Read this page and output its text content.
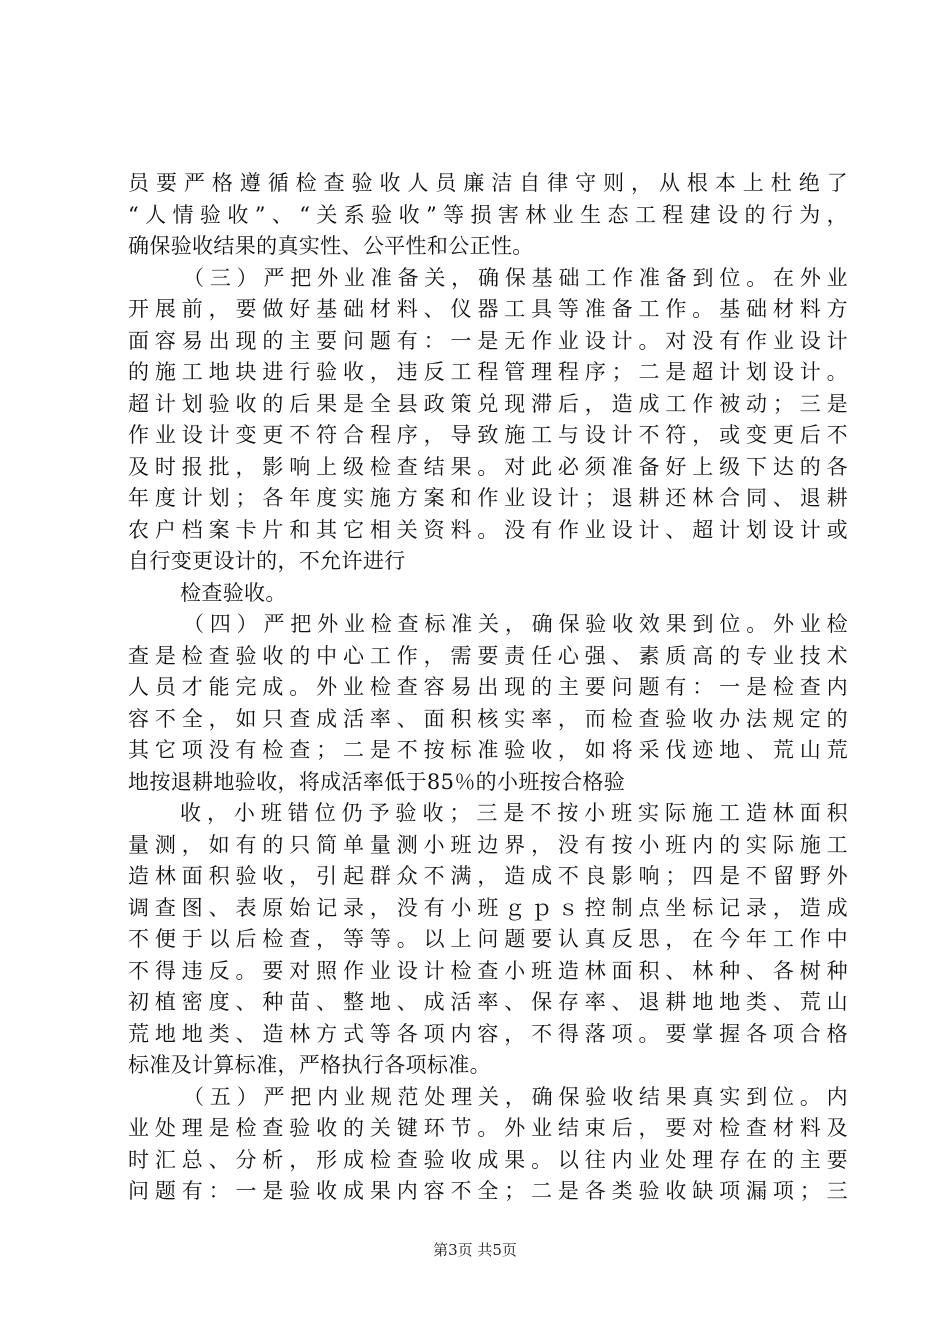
员要严格遵循检查验收人员廉洁自律守则，从根本上杜绝了
“人情验收”、“关系验收”等损害林业生态工程建设的行为，
确保验收结果的真实性、公平性和公正性。
（三）严把外业准备关，确保基础工作准备到位。在外业
开展前，要做好基础材料、仪器工具等准备工作。基础材料方
面容易出现的主要问题有：一是无作业设计。对没有作业设计
的施工地块进行验收，违反工程管理程序；二是超计划设计。
超计划验收的后果是全县政策兑现滞后，造成工作被动；三是
作业设计变更不符合程序，导致施工与设计不符，或变更后不
及时报批，影响上级检查结果。对此必须准备好上级下达的各
年度计划；各年度实施方案和作业设计；退耕还林合同、退耕
农户档案卡片和其它相关资料。没有作业设计、超计划设计或
自行变更设计的，不允许进行
检查验收。
（四）严把外业检查标准关，确保验收效果到位。外业检
查是检查验收的中心工作，需要责任心强、素质高的专业技术
人员才能完成。外业检查容易出现的主要问题有：一是检查内
容不全，如只查成活率、面积核实率，而检查验收办法规定的
其它项没有检查；二是不按标准验收，如将采伐迹地、荒山荒
地按退耕地验收，将成活率低于85％的小班按合格验
收，小班错位仍予验收；三是不按小班实际施工造林面积
量测，如有的只简单量测小班边界，没有按小班内的实际施工
造林面积验收，引起群众不满，造成不良影响；四是不留野外
调查图、表原始记录，没有小班ｇｐｓ控制点坐标记录，造成
不便于以后检查，等等。以上问题要认真反思，在今年工作中
不得违反。要对照作业设计检查小班造林面积、林种、各树种
初植密度、种苗、整地、成活率、保存率、退耕地地类、荒山
荒地地类、造林方式等各项内容，不得落项。要掌握各项合格
标准及计算标准，严格执行各项标准。
（五）严把内业规范处理关，确保验收结果真实到位。内
业处理是检查验收的关键环节。外业结束后，要对检查材料及
时汇总、分析，形成检查验收成果。以往内业处理存在的主要
问题有：一是验收成果内容不全；二是各类验收缺项漏项；三
第3页 共5页
